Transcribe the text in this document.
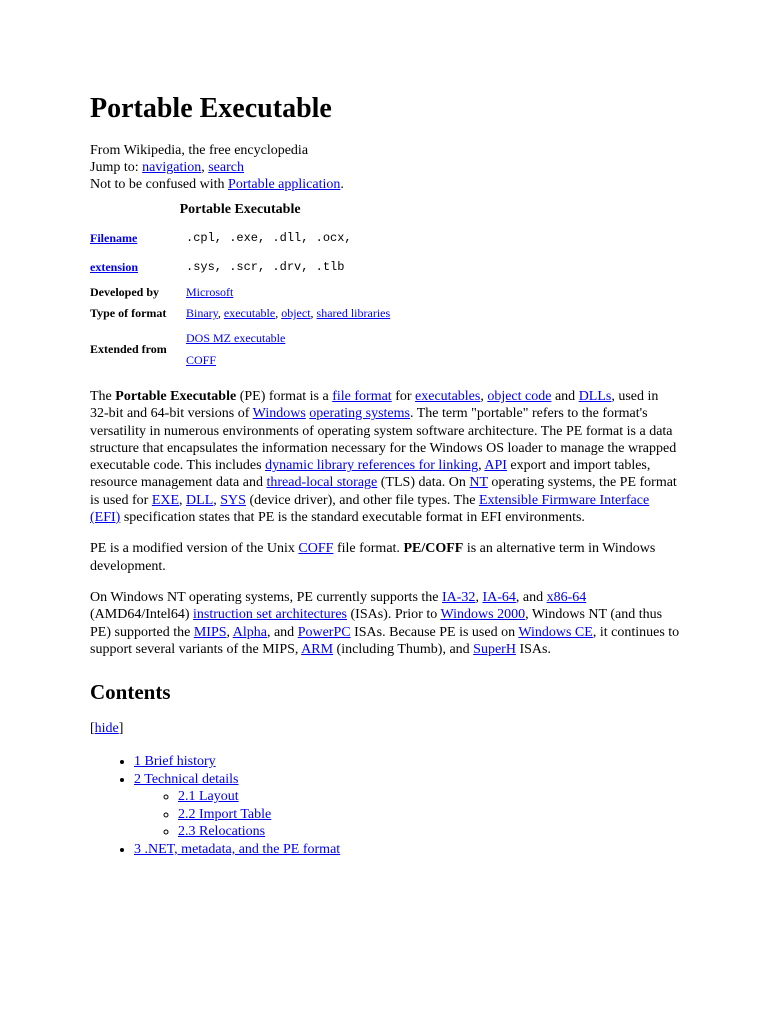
Portable Executable
From Wikipedia, the free encyclopedia
Jump to: navigation, search
Not to be confused with Portable application.
Portable Executable
Filename	.cpl, .exe, .dll, .ocx,
extension	.sys, .scr, .drv, .tlb
Developed by	Microsoft
Type of format	Binary, executable, object, shared libraries
Extended from	DOS MZ executable
COFF

The Portable Executable (PE) format is a file format for executables, object code and DLLs, used in 32-bit and 64-bit versions of Windows operating systems. The term "portable" refers to the format's versatility in numerous environments of operating system software architecture. The PE format is a data structure that encapsulates the information necessary for the Windows OS loader to manage the wrapped executable code. This includes dynamic library references for linking, API export and import tables, resource management data and thread-local storage (TLS) data. On NT operating systems, the PE format is used for EXE, DLL, SYS (device driver), and other file types. The Extensible Firmware Interface (EFI) specification states that PE is the standard executable format in EFI environments.

PE is a modified version of the Unix COFF file format. PE/COFF is an alternative term in Windows development.

On Windows NT operating systems, PE currently supports the IA-32, IA-64, and x86-64 (AMD64/Intel64) instruction set architectures (ISAs). Prior to Windows 2000, Windows NT (and thus PE) supported the MIPS, Alpha, and PowerPC ISAs. Because PE is used on Windows CE, it continues to support several variants of the MIPS, ARM (including Thumb), and SuperH ISAs.

Contents
[hide]
• 1 Brief history
• 2 Technical details
◦ 2.1 Layout
◦ 2.2 Import Table
◦ 2.3 Relocations
• 3 .NET, metadata, and the PE format
